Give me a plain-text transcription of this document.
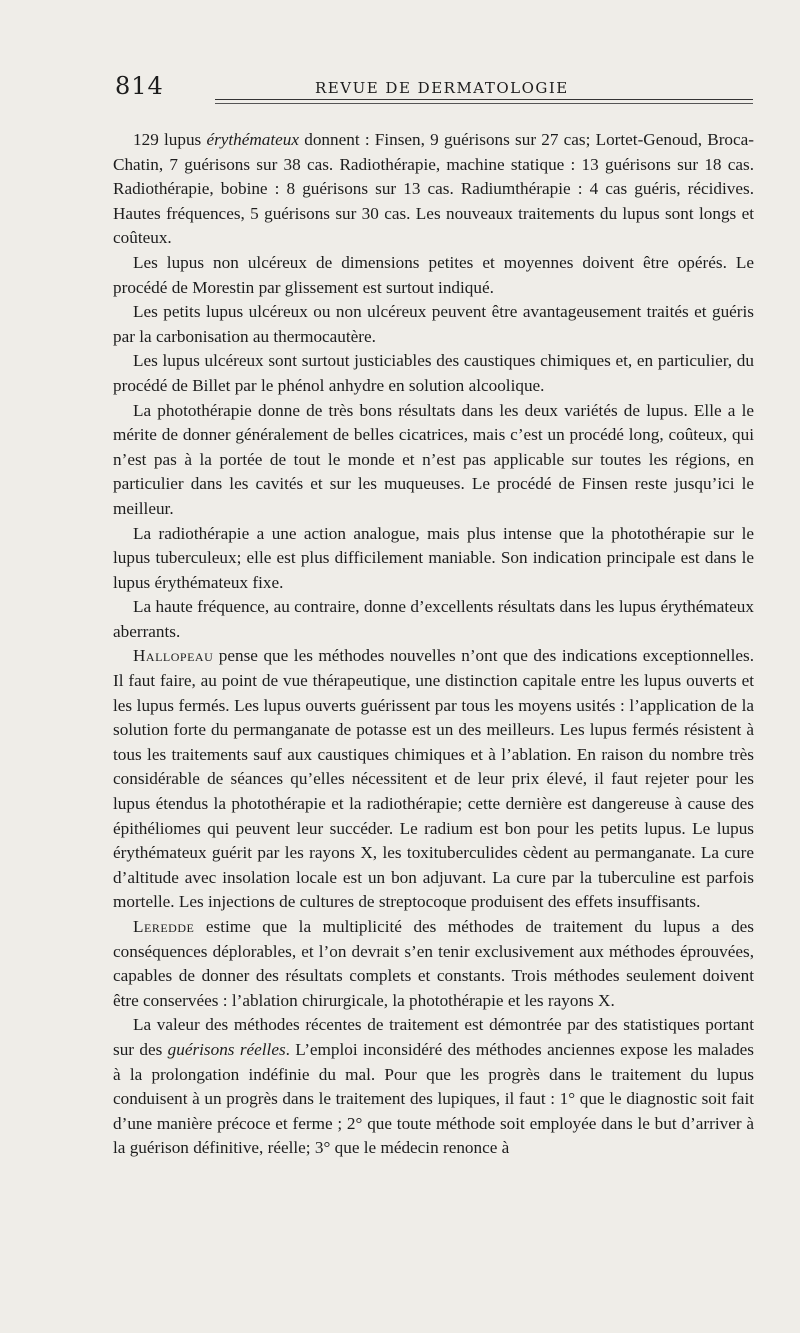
814	REVUE DE DERMATOLOGIE

129 lupus érythémateux donnent : Finsen, 9 guérisons sur 27 cas; Lortet-Genoud, Broca-Chatin, 7 guérisons sur 38 cas. Radiothérapie, machine statique : 13 guérisons sur 18 cas. Radiothérapie, bobine : 8 guérisons sur 13 cas. Radiumthérapie : 4 cas guéris, récidives. Hautes fréquences, 5 guérisons sur 30 cas. Les nouveaux traitements du lupus sont longs et coûteux.

Les lupus non ulcéreux de dimensions petites et moyennes doivent être opérés. Le procédé de Morestin par glissement est surtout indiqué.

Les petits lupus ulcéreux ou non ulcéreux peuvent être avantageusement traités et guéris par la carbonisation au thermocautère.

Les lupus ulcéreux sont surtout justiciables des caustiques chimiques et, en particulier, du procédé de Billet par le phénol anhydre en solution alcoolique.

La photothérapie donne de très bons résultats dans les deux variétés de lupus. Elle a le mérite de donner généralement de belles cicatrices, mais c’est un procédé long, coûteux, qui n’est pas à la portée de tout le monde et n’est pas applicable sur toutes les régions, en particulier dans les cavités et sur les muqueuses. Le procédé de Finsen reste jusqu’ici le meilleur.

La radiothérapie a une action analogue, mais plus intense que la photothérapie sur le lupus tuberculeux; elle est plus difficilement maniable. Son indication principale est dans le lupus érythémateux fixe.

La haute fréquence, au contraire, donne d’excellents résultats dans les lupus érythémateux aberrants.

Hallopeau pense que les méthodes nouvelles n’ont que des indications exceptionnelles. Il faut faire, au point de vue thérapeutique, une distinction capitale entre les lupus ouverts et les lupus fermés. Les lupus ouverts guérissent par tous les moyens usités : l’application de la solution forte du permanganate de potasse est un des meilleurs. Les lupus fermés résistent à tous les traitements sauf aux caustiques chimiques et à l’ablation. En raison du nombre très considérable de séances qu’elles nécessitent et de leur prix élevé, il faut rejeter pour les lupus étendus la photothérapie et la radiothérapie; cette dernière est dangereuse à cause des épithéliomes qui peuvent leur succéder. Le radium est bon pour les petits lupus. Le lupus érythémateux guérit par les rayons X, les toxituberculides cèdent au permanganate. La cure d’altitude avec insolation locale est un bon adjuvant. La cure par la tuberculine est parfois mortelle. Les injections de cultures de streptocoque produisent des effets insuffisants.

Leredde estime que la multiplicité des méthodes de traitement du lupus a des conséquences déplorables, et l’on devrait s’en tenir exclusivement aux méthodes éprouvées, capables de donner des résultats complets et constants. Trois méthodes seulement doivent être conservées : l’ablation chirurgicale, la photothérapie et les rayons X.

La valeur des méthodes récentes de traitement est démontrée par des statistiques portant sur des guérisons réelles. L’emploi inconsidéré des méthodes anciennes expose les malades à la prolongation indéfinie du mal. Pour que les progrès dans le traitement du lupus conduisent à un progrès dans le traitement des lupiques, il faut : 1° que le diagnostic soit fait d’une manière précoce et ferme ; 2° que toute méthode soit employée dans le but d’arriver à la guérison définitive, réelle; 3° que le médecin renonce à
